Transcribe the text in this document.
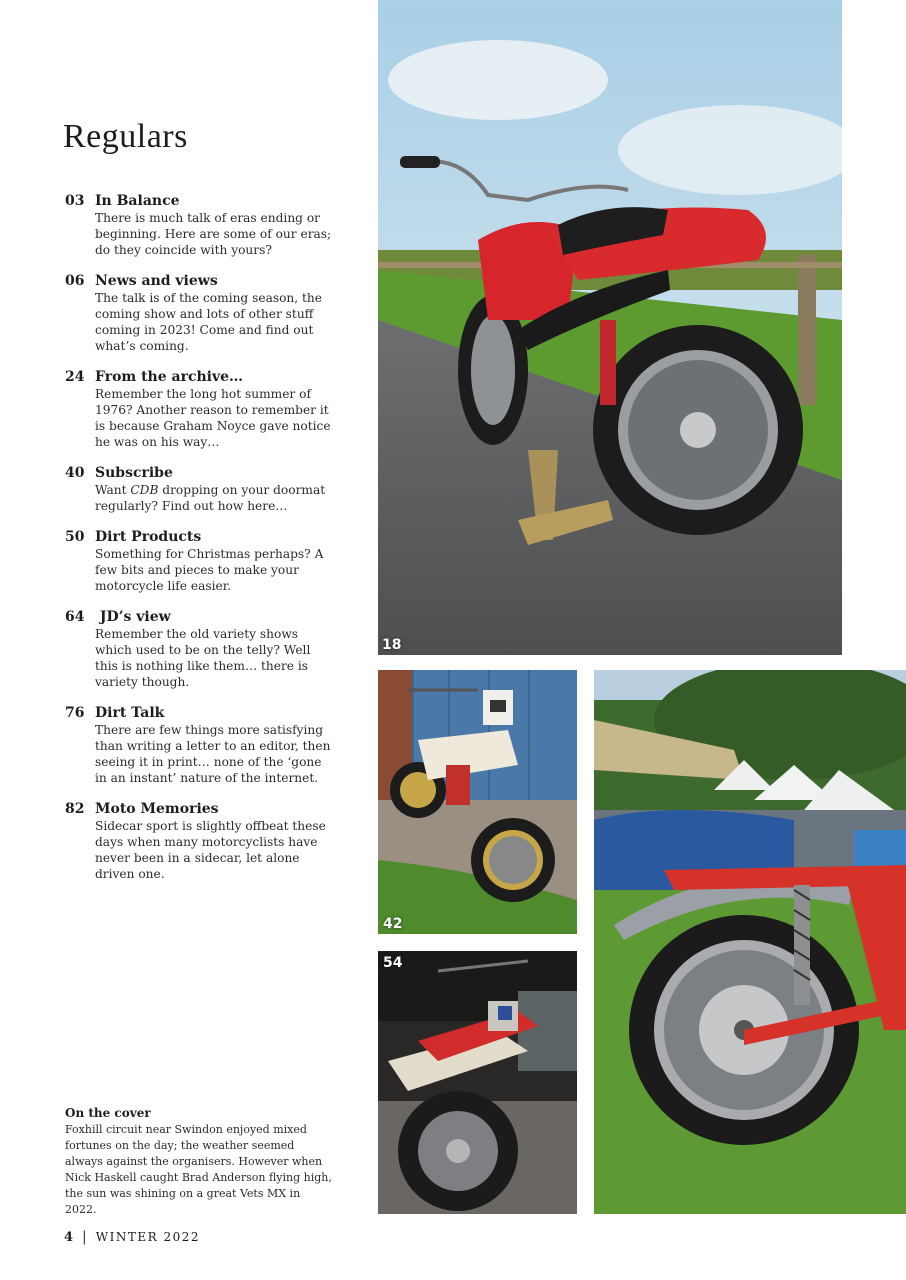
Regulars
03 In Balance
There is much talk of eras ending or beginning. Here are some of our eras; do they coincide with yours?
06 News and views
The talk is of the coming season, the coming show and lots of other stuff coming in 2023! Come and find out what’s coming.
24 From the archive…
Remember the long hot summer of 1976? Another reason to remember it is because Graham Noyce gave notice he was on his way…
40 Subscribe
Want CDB dropping on your doormat regularly? Find out how here…
50 Dirt Products
Something for Christmas perhaps? A few bits and pieces to make your motorcycle life easier.
64 JD’s view
Remember the old variety shows which used to be on the telly? Well this is nothing like them… there is variety though.
76 Dirt Talk
There are few things more satisfying than writing a letter to an editor, then seeing it in print… none of the ‘gone in an instant’ nature of the internet.
82 Moto Memories
Sidecar sport is slightly offbeat these days when many motorcyclists have never been in a sidecar, let alone driven one.
On the cover
Foxhill circuit near Swindon enjoyed mixed fortunes on the day; the weather seemed always against the organisers. However when Nick Haskell caught Brad Anderson flying high, the sun was shining on a great Vets MX in 2022.
4 | WINTER 2022
18
42
54
